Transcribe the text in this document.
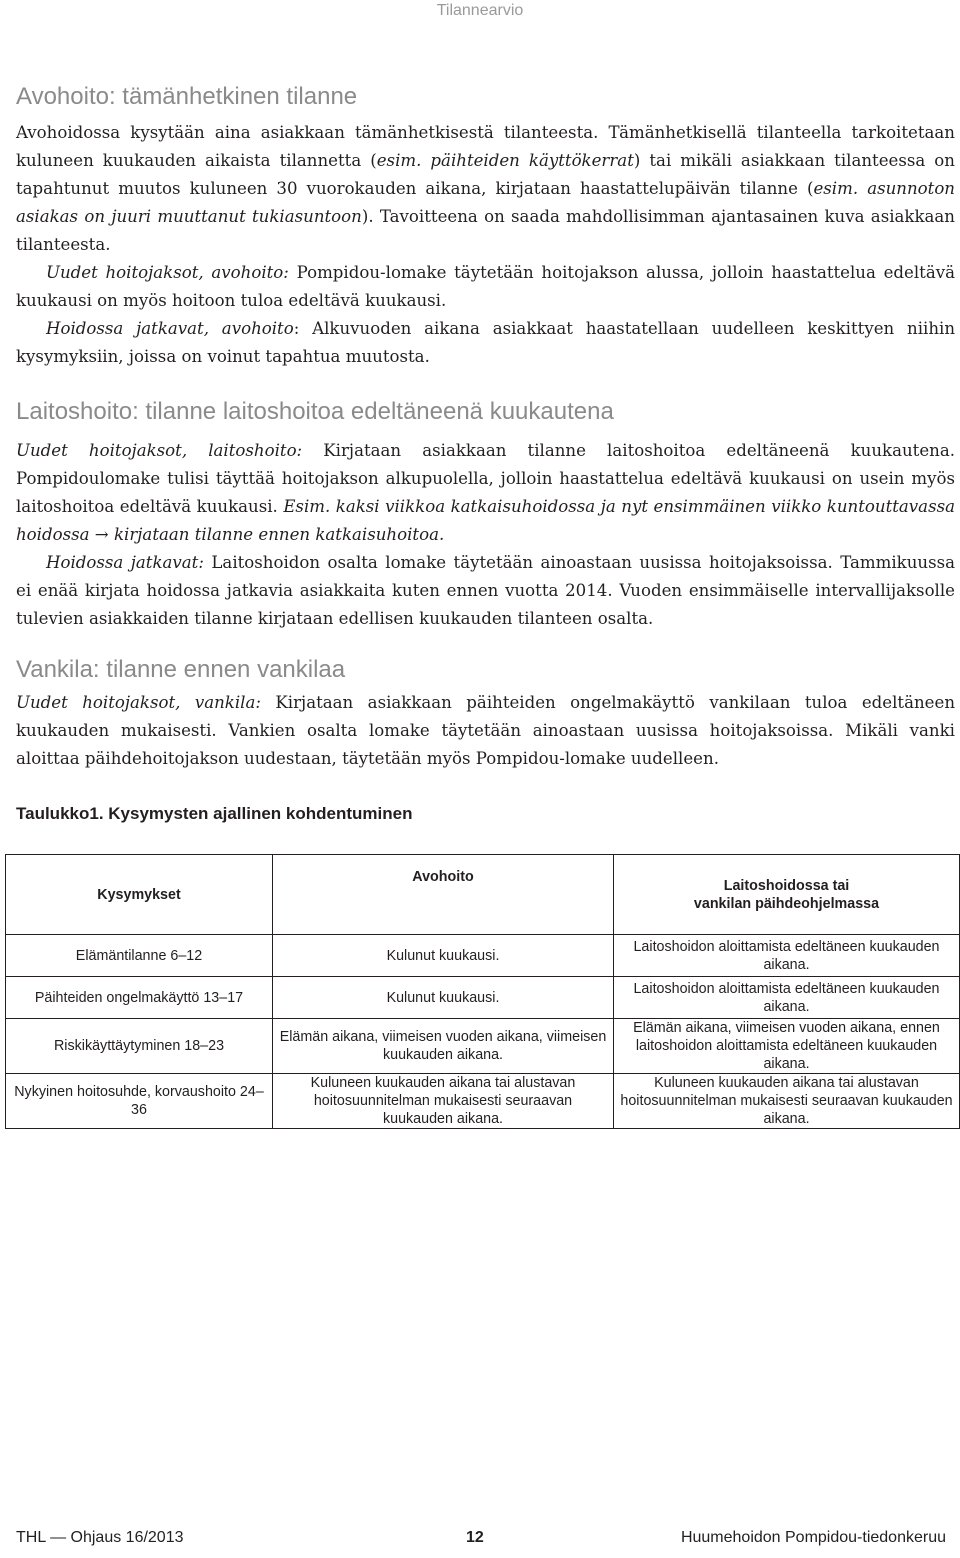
Tilannearvio
Avohoito: tämänhetkinen tilanne

Avohoidossa kysytään aina asiakkaan tämänhetkisestä tilanteesta. Tämänhetkisellä tilanteella tarkoitetaan kuluneen kuukauden aikaista tilannetta (esim. päihteiden käyttökerrat) tai mikäli asiakkaan tilanteessa on tapahtunut muutos kuluneen 30 vuorokauden aikana, kirjataan haastattelupäivän tilanne (esim. asunnoton asiakas on juuri muuttanut tukiasuntoon). Tavoitteena on saada mahdollisimman ajantasainen kuva asiakkaan tilanteesta.

Uudet hoitojaksot, avohoito: Pompidou-lomake täytetään hoitojakson alussa, jolloin haastattelua edeltävä kuukausi on myös hoitoon tuloa edeltävä kuukausi.

Hoidossa jatkavat, avohoito: Alkuvuoden aikana asiakkaat haastatellaan uudelleen keskittyen niihin kysymyksiin, joissa on voinut tapahtua muutosta.

Laitoshoito: tilanne laitoshoitoa edeltäneenä kuukautena

Uudet hoitojaksot, laitoshoito: Kirjataan asiakkaan tilanne laitoshoitoa edeltäneenä kuukautena. Pompidoulomake tulisi täyttää hoitojakson alkupuolella, jolloin haastattelua edeltävä kuukausi on usein myös laitoshoitoa edeltävä kuukausi. Esim. kaksi viikkoa katkaisuhoidossa ja nyt ensimmäinen viikko kuntouttavassa hoidossa → kirjataan tilanne ennen katkaisuhoitoa.

Hoidossa jatkavat: Laitoshoidon osalta lomake täytetään ainoastaan uusissa hoitojaksoissa. Tammikuussa ei enää kirjata hoidossa jatkavia asiakkaita kuten ennen vuotta 2014. Vuoden ensimmäiselle intervallijaksolle tulevien asiakkaiden tilanne kirjataan edellisen kuukauden tilanteen osalta.

Vankila: tilanne ennen vankilaa

Uudet hoitojaksot, vankila: Kirjataan asiakkaan päihteiden ongelmakäyttö vankilaan tuloa edeltäneen kuukauden mukaisesti. Vankien osalta lomake täytetään ainoastaan uusissa hoitojaksoissa. Mikäli vanki aloittaa päihdehoitojakson uudestaan, täytetään myös Pompidou-lomake uudelleen.

Taulukko1. Kysymysten ajallinen kohdentuminen
Kysymykset	Avohoito	Laitoshoidossa tai
vankilan päihdeohjelmassa

Elämäntilanne 6–12	Kulunut kuukausi.	Laitoshoidon aloittamista edeltäneen kuukauden aikana.
Päihteiden ongelmakäyttö 13–17	Kulunut kuukausi.	Laitoshoidon aloittamista edeltäneen kuukauden aikana.
Riskikäyttäytyminen 18–23	Elämän aikana, viimeisen vuoden aikana, viimeisen kuukauden aikana.	Elämän aikana, viimeisen vuoden aikana, ennen laitoshoidon aloittamista edeltäneen kuukauden aikana.
Nykyinen hoitosuhde, korvaushoito 24–36	Kuluneen kuukauden aikana tai alustavan hoitosuunnitelman mukaisesti seuraavan kuukauden aikana.	Kuluneen kuukauden aikana tai alustavan hoitosuunnitelman mukaisesti seuraavan kuukauden aikana.
THL — Ohjaus 16/2013	12	Huumehoidon Pompidou-tiedonkeruu
